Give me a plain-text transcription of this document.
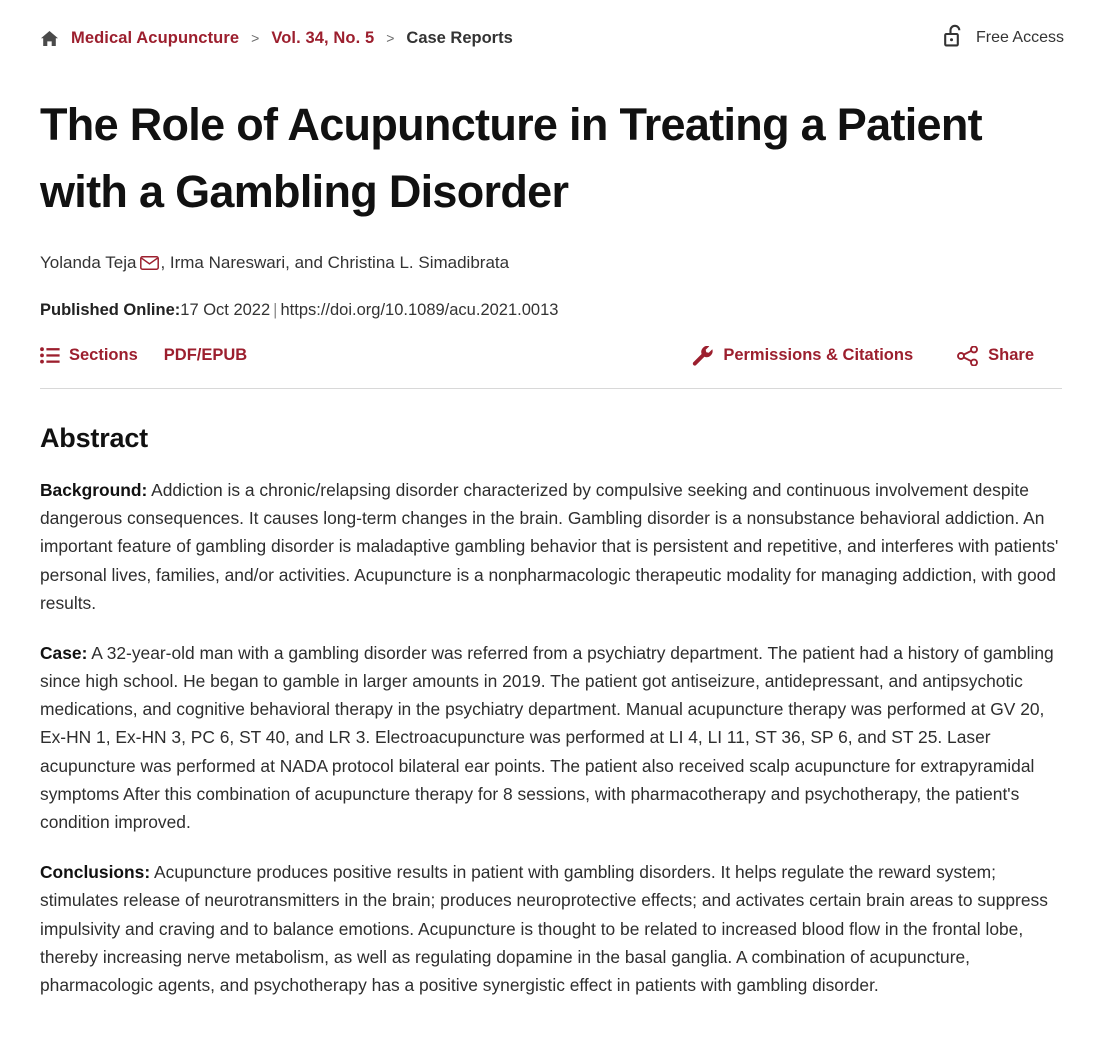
Medical Acupuncture > Vol. 34, No. 5 > Case Reports	Free Access
The Role of Acupuncture in Treating a Patient with a Gambling Disorder
Yolanda Teja , Irma Nareswari, and Christina L. Simadibrata
Published Online:17 Oct 2022 | https://doi.org/10.1089/acu.2021.0013
Sections PDF/EPUB	Permissions & Citations	Share
Abstract

Background: Addiction is a chronic/relapsing disorder characterized by compulsive seeking and continuous involvement despite dangerous consequences. It causes long-term changes in the brain. Gambling disorder is a nonsubstance behavioral addiction. An important feature of gambling disorder is maladaptive gambling behavior that is persistent and repetitive, and interferes with patients' personal lives, families, and/or activities. Acupuncture is a nonpharmacologic therapeutic modality for managing addiction, with good results.

Case: A 32-year-old man with a gambling disorder was referred from a psychiatry department. The patient had a history of gambling since high school. He began to gamble in larger amounts in 2019. The patient got antiseizure, antidepressant, and antipsychotic medications, and cognitive behavioral therapy in the psychiatry department. Manual acupuncture therapy was performed at GV 20, Ex-HN 1, Ex-HN 3, PC 6, ST 40, and LR 3. Electroacupuncture was performed at LI 4, LI 11, ST 36, SP 6, and ST 25. Laser acupuncture was performed at NADA protocol bilateral ear points. The patient also received scalp acupuncture for extrapyramidal symptoms After this combination of acupuncture therapy for 8 sessions, with pharmacotherapy and psychotherapy, the patient's condition improved.

Conclusions: Acupuncture produces positive results in patient with gambling disorders. It helps regulate the reward system; stimulates release of neurotransmitters in the brain; produces neuroprotective effects; and activates certain brain areas to suppress impulsivity and craving and to balance emotions. Acupuncture is thought to be related to increased blood flow in the frontal lobe, thereby increasing nerve metabolism, as well as regulating dopamine in the basal ganglia. A combination of acupuncture, pharmacologic agents, and psychotherapy has a positive synergistic effect in patients with gambling disorder.
